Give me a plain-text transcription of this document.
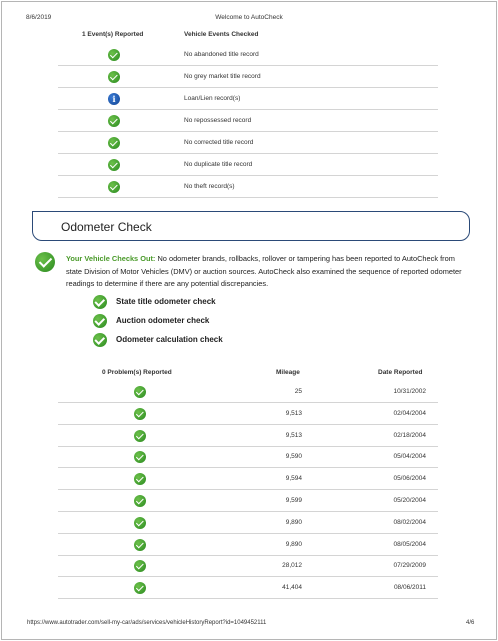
8/6/2019	Welcome to AutoCheck
1 Event(s) Reported	Vehicle Events Checked
No abandoned title record
No grey market title record
i	Loan/Lien record(s)
No repossessed record
No corrected title record
No duplicate title record
No theft record(s)
Odometer Check
Your Vehicle Checks Out: No odometer brands, rollbacks, rollover or tampering has been reported to AutoCheck from state Division of Motor Vehicles (DMV) or auction sources. AutoCheck also examined the sequence of reported odometer readings to determine if there are any potential discrepancies.
State title odometer check
Auction odometer check
Odometer calculation check
0 Problem(s) Reported	Mileage	Date Reported
25	10/31/2002
9,513	02/04/2004
9,513	02/18/2004
9,590	05/04/2004
9,594	05/06/2004
9,599	05/20/2004
9,890	08/02/2004
9,890	08/05/2004
28,012	07/29/2009
41,404	08/06/2011
https://www.autotrader.com/sell-my-car/ads/services/vehicleHistoryReport?id=1049452111	4/6
